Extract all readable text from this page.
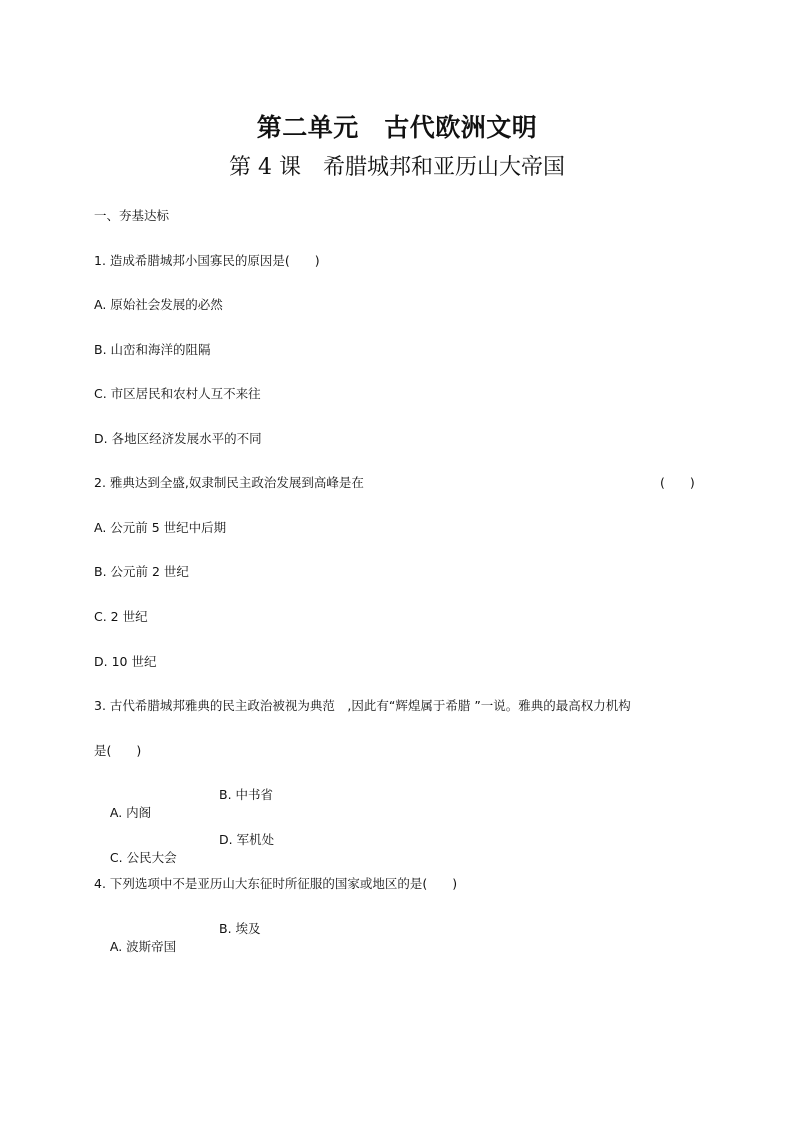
第二单元　古代欧洲文明
第 4 课　希腊城邦和亚历山大帝国
一、夯基达标
1. 造成希腊城邦小国寡民的原因是(　　)
A. 原始社会发展的必然
B. 山峦和海洋的阻隔
C. 市区居民和农村人互不来往
D. 各地区经济发展水平的不同
2. 雅典达到全盛,奴隶制民主政治发展到高峰是在	(　　)
A. 公元前 5 世纪中后期
B. 公元前 2 世纪
C. 2 世纪
D. 10 世纪
3. 古代希腊城邦雅典的民主政治被视为典范　,因此有“辉煌属于希腊 ”一说。雅典的最高权力机构
是(　　)

A. 内阁

B. 中书省

C. 公民大会

D. 军机处

4. 下列选项中不是亚历山大东征时所征服的国家或地区的是(　　)

A. 波斯帝国

B. 埃及
